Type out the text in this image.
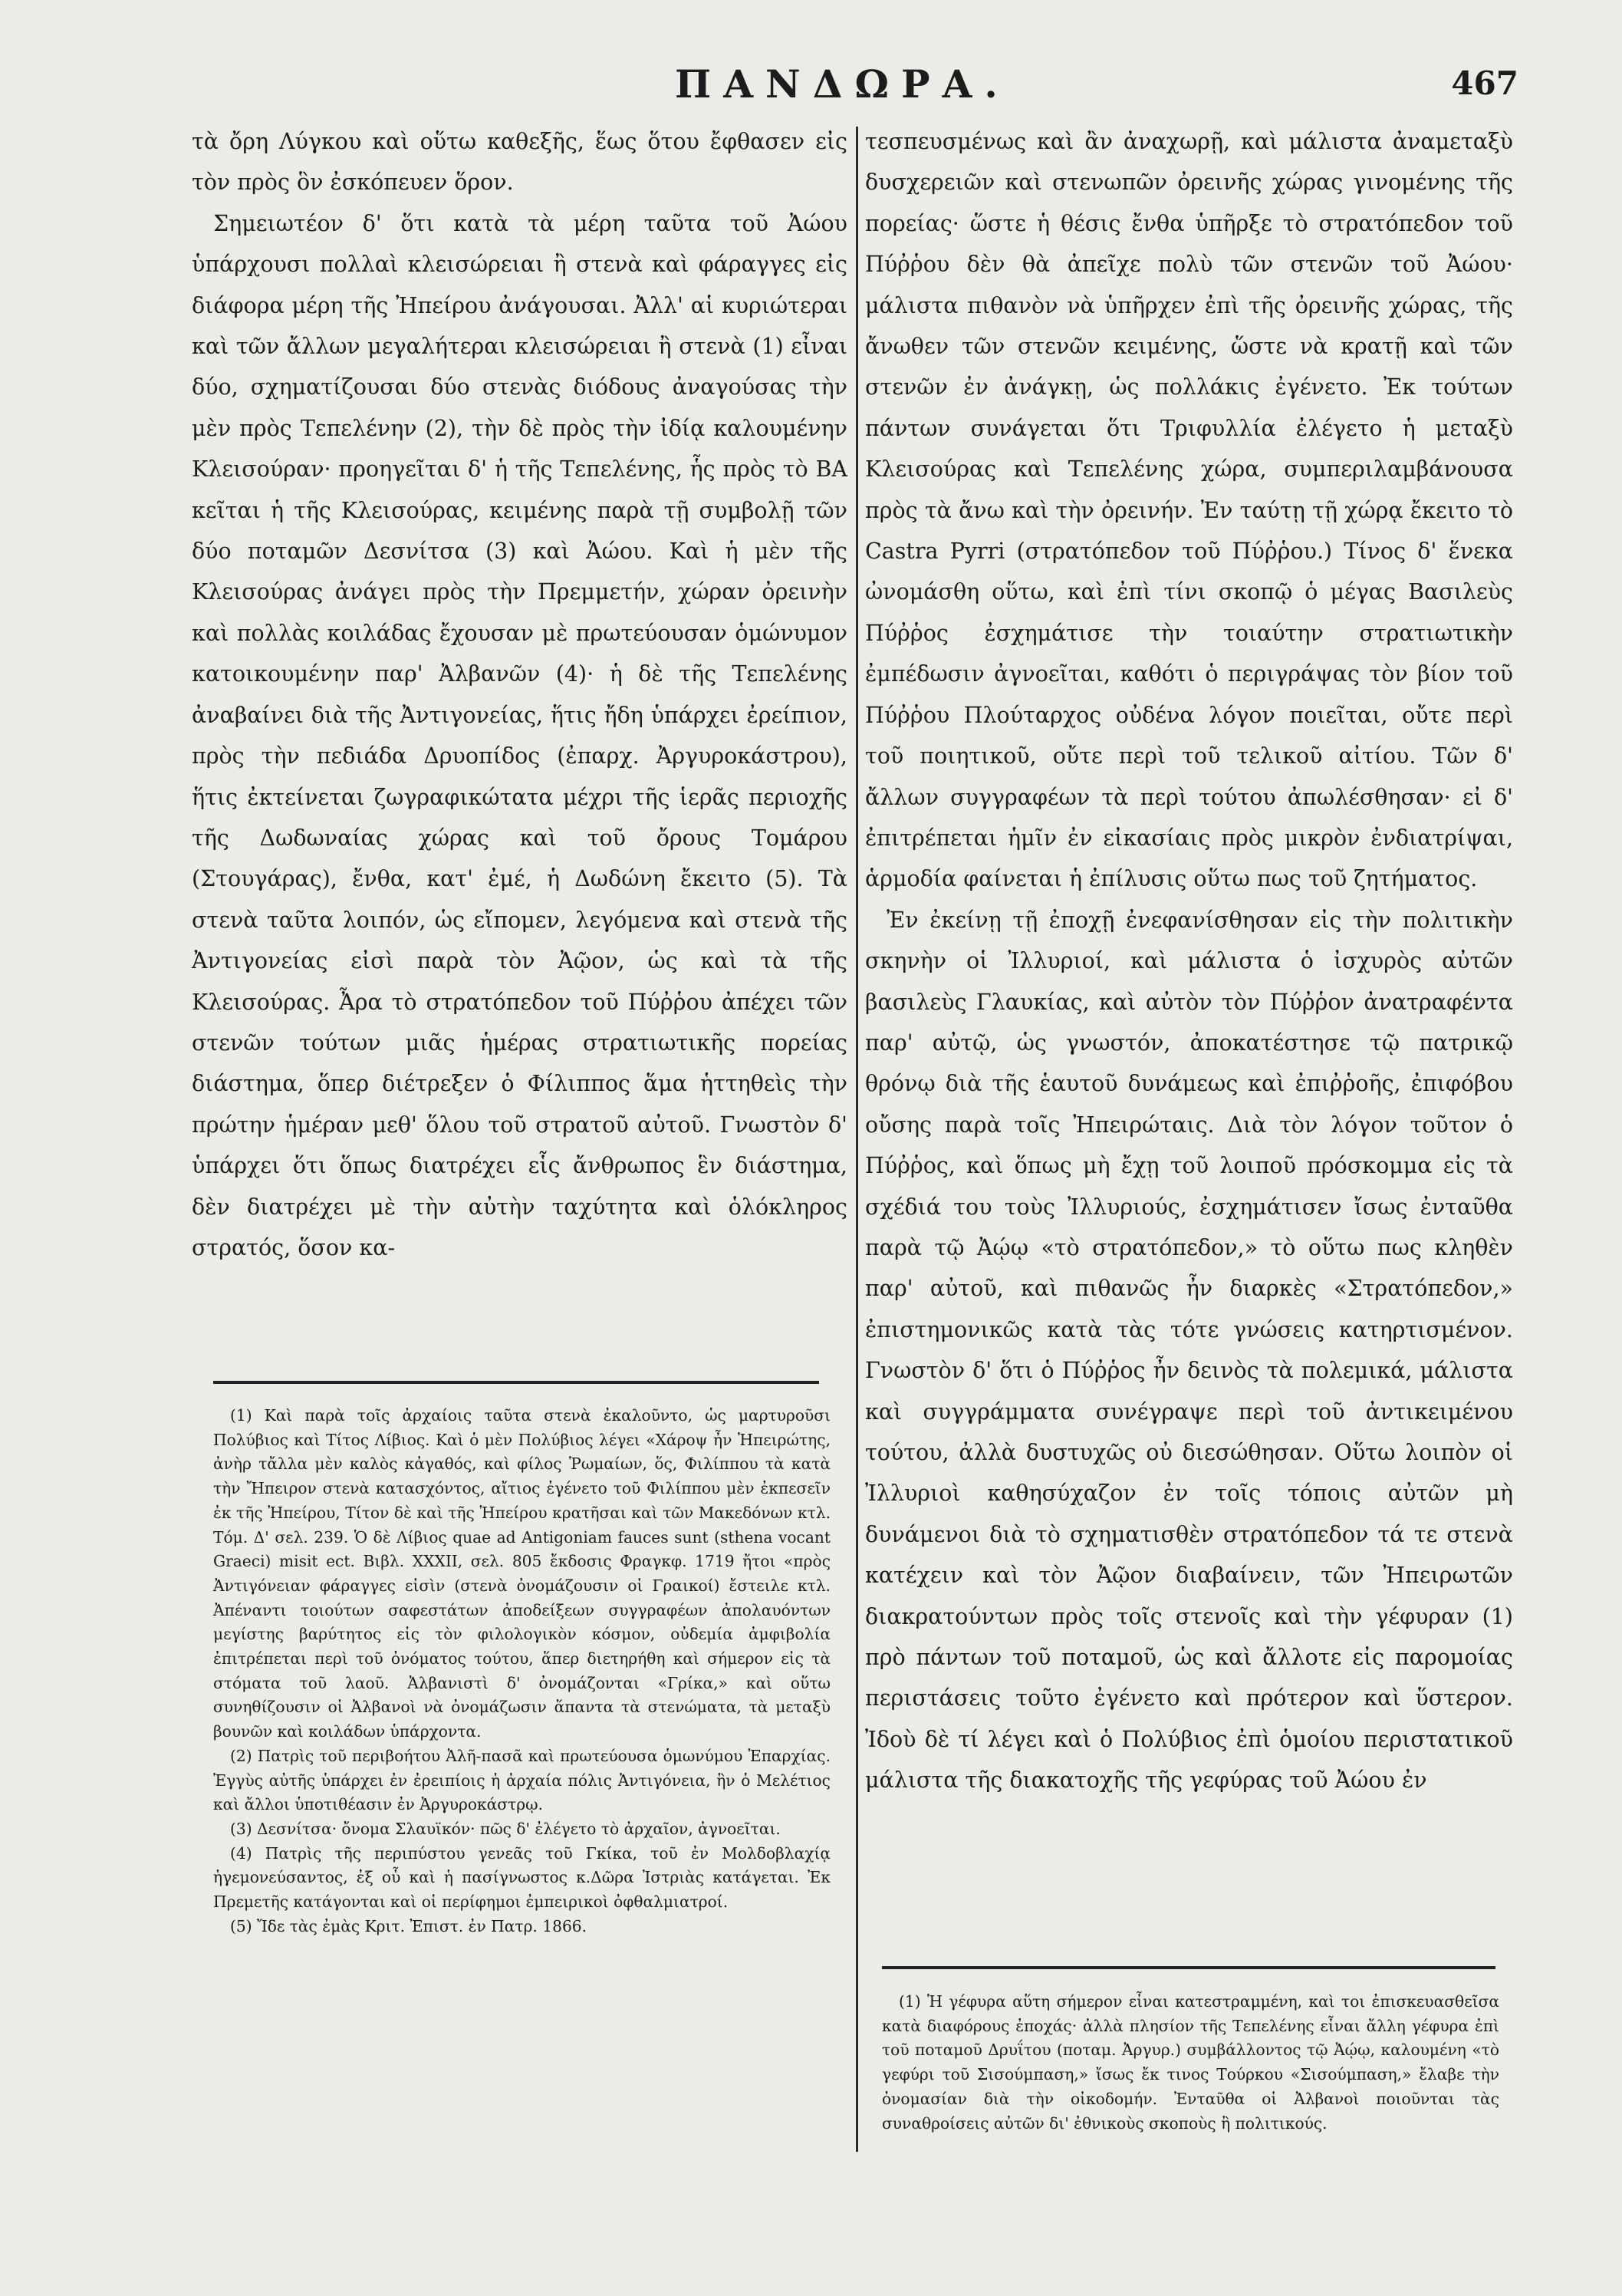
ΠΑΝΔΩΡΑ.	467

τὰ ὄρη Λύγκου καὶ οὕτω καθεξῆς, ἕως ὅτου ἔφθασεν εἰς τὸν πρὸς ὃν ἐσκόπευεν ὅρον.

Σημειωτέον δ' ὅτι κατὰ τὰ μέρη ταῦτα τοῦ Ἀώου ὑπάρχουσι πολλαὶ κλεισώρειαι ἢ στενὰ καὶ φάραγγες εἰς διάφορα μέρη τῆς Ἠπείρου ἀνάγουσαι. Ἀλλ' αἱ κυριώτεραι καὶ τῶν ἄλλων μεγαλήτεραι κλεισώρειαι ἢ στενὰ (1) εἶναι δύο, σχηματίζουσαι δύο στενὰς διόδους ἀναγούσας τὴν μὲν πρὸς Τεπελένην (2), τὴν δὲ πρὸς τὴν ἰδίᾳ καλουμένην Κλεισούραν· προηγεῖται δ' ἡ τῆς Τεπελένης, ἧς πρὸς τὸ ΒΑ κεῖται ἡ τῆς Κλεισούρας, κειμένης παρὰ τῇ συμβολῇ τῶν δύο ποταμῶν Δεσνίτσα (3) καὶ Ἀώου. Καὶ ἡ μὲν τῆς Κλεισούρας ἀνάγει πρὸς τὴν Πρεμμετήν, χώραν ὀρεινὴν καὶ πολλὰς κοιλάδας ἔχουσαν μὲ πρωτεύουσαν ὁμώνυμον κατοικουμένην παρ' Ἀλβανῶν (4)· ἡ δὲ τῆς Τεπελένης ἀναβαίνει διὰ τῆς Ἀντιγονείας, ἥτις ἤδη ὑπάρχει ἐρείπιον, πρὸς τὴν πεδιάδα Δρυοπίδος (ἐπαρχ. Ἀργυροκάστρου), ἥτις ἐκτείνεται ζωγραφικώτατα μέχρι τῆς ἱερᾶς περιοχῆς τῆς Δωδωναίας χώρας καὶ τοῦ ὄρους Τομάρου (Στουγάρας), ἔνθα, κατ' ἐμέ, ἡ Δωδώνη ἔκειτο (5). Τὰ στενὰ ταῦτα λοιπόν, ὡς εἴπομεν, λεγόμενα καὶ στενὰ τῆς Ἀντιγονείας εἰσὶ παρὰ τὸν Ἀῷον, ὡς καὶ τὰ τῆς Κλεισούρας. Ἆρα τὸ στρατόπεδον τοῦ Πύῤῥου ἀπέχει τῶν στενῶν τούτων μιᾶς ἡμέρας στρατιωτικῆς πορείας διάστημα, ὅπερ διέτρεξεν ὁ Φίλιππος ἅμα ἡττηθεὶς τὴν πρώτην ἡμέραν μεθ' ὅλου τοῦ στρατοῦ αὐτοῦ. Γνωστὸν δ' ὑπάρχει ὅτι ὅπως διατρέχει εἷς ἄνθρωπος ἓν διάστημα, δὲν διατρέχει μὲ τὴν αὐτὴν ταχύτητα καὶ ὁλόκληρος στρατός, ὅσον κα-

τεσπευσμένως καὶ ἂν ἀναχωρῇ, καὶ μάλιστα ἀναμεταξὺ δυσχερειῶν καὶ στενωπῶν ὀρεινῆς χώρας γινομένης τῆς πορείας· ὥστε ἡ θέσις ἔνθα ὑπῆρξε τὸ στρατόπεδον τοῦ Πύῤῥου δὲν θὰ ἀπεῖχε πολὺ τῶν στενῶν τοῦ Ἀώου· μάλιστα πιθανὸν νὰ ὑπῆρχεν ἐπὶ τῆς ὀρεινῆς χώρας, τῆς ἄνωθεν τῶν στενῶν κειμένης, ὥστε νὰ κρατῇ καὶ τῶν στενῶν ἐν ἀνάγκῃ, ὡς πολλάκις ἐγένετο. Ἐκ τούτων πάντων συνάγεται ὅτι Τριφυλλία ἐλέγετο ἡ μεταξὺ Κλεισούρας καὶ Τεπελένης χώρα, συμπεριλαμβάνουσα πρὸς τὰ ἄνω καὶ τὴν ὀρεινήν. Ἐν ταύτῃ τῇ χώρᾳ ἔκειτο τὸ Castra Pyrri (στρατόπεδον τοῦ Πύῤῥου.) Τίνος δ' ἕνεκα ὠνομάσθη οὕτω, καὶ ἐπὶ τίνι σκοπῷ ὁ μέγας Βασιλεὺς Πύῤῥος ἐσχημάτισε τὴν τοιαύτην στρατιωτικὴν ἐμπέδωσιν ἀγνοεῖται, καθότι ὁ περιγράψας τὸν βίον τοῦ Πύῤῥου Πλούταρχος οὐδένα λόγον ποιεῖται, οὔτε περὶ τοῦ ποιητικοῦ, οὔτε περὶ τοῦ τελικοῦ αἰτίου. Τῶν δ' ἄλλων συγγραφέων τὰ περὶ τούτου ἀπωλέσθησαν· εἰ δ' ἐπιτρέπεται ἡμῖν ἐν εἰκασίαις πρὸς μικρὸν ἐνδιατρίψαι, ἁρμοδία φαίνεται ἡ ἐπίλυσις οὕτω πως τοῦ ζητήματος.

Ἐν ἐκείνῃ τῇ ἐποχῇ ἐνεφανίσθησαν εἰς τὴν πολιτικὴν σκηνὴν οἱ Ἰλλυριοί, καὶ μάλιστα ὁ ἰσχυρὸς αὐτῶν βασιλεὺς Γλαυκίας, καὶ αὐτὸν τὸν Πύῤῥον ἀνατραφέντα παρ' αὐτῷ, ὡς γνωστόν, ἀποκατέστησε τῷ πατρικῷ θρόνῳ διὰ τῆς ἑαυτοῦ δυνάμεως καὶ ἐπιῤῥοῆς, ἐπιφόβου οὔσης παρὰ τοῖς Ἠπειρώταις. Διὰ τὸν λόγον τοῦτον ὁ Πύῤῥος, καὶ ὅπως μὴ ἔχῃ τοῦ λοιποῦ πρόσκομμα εἰς τὰ σχέδιά του τοὺς Ἰλλυριούς, ἐσχημάτισεν ἴσως ἐνταῦθα παρὰ τῷ Ἀῴῳ «τὸ στρατόπεδον,» τὸ οὕτω πως κληθὲν παρ' αὐτοῦ, καὶ πιθανῶς ἦν διαρκὲς «Στρατόπεδον,» ἐπιστημονικῶς κατὰ τὰς τότε γνώσεις κατηρτισμένον. Γνωστὸν δ' ὅτι ὁ Πύῤῥος ἦν δεινὸς τὰ πολεμικά, μάλιστα καὶ συγγράμματα συνέγραψε περὶ τοῦ ἀντικειμένου τούτου, ἀλλὰ δυστυχῶς οὐ διεσώθησαν. Οὕτω λοιπὸν οἱ Ἰλλυριοὶ καθησύχαζον ἐν τοῖς τόποις αὐτῶν μὴ δυνάμενοι διὰ τὸ σχηματισθὲν στρατόπεδον τά τε στενὰ κατέχειν καὶ τὸν Ἀῷον διαβαίνειν, τῶν Ἠπειρωτῶν διακρατούντων πρὸς τοῖς στενοῖς καὶ τὴν γέφυραν (1) πρὸ πάντων τοῦ ποταμοῦ, ὡς καὶ ἄλλοτε εἰς παρομοίας περιστάσεις τοῦτο ἐγένετο καὶ πρότερον καὶ ὕστερον. Ἰδοὺ δὲ τί λέγει καὶ ὁ Πολύβιος ἐπὶ ὁμοίου περιστατικοῦ μάλιστα τῆς διακατοχῆς τῆς γεφύρας τοῦ Ἀώου ἐν

(1) Καὶ παρὰ τοῖς ἀρχαίοις ταῦτα στενὰ ἐκαλοῦντο, ὡς μαρτυροῦσι Πολύβιος καὶ Τίτος Λίβιος. Καὶ ὁ μὲν Πολύβιος λέγει «Χάροψ ἦν Ἠπειρώτης, ἀνὴρ τἄλλα μὲν καλὸς κἀγαθός, καὶ φίλος Ῥωμαίων, ὅς, Φιλίππου τὰ κατὰ τὴν Ἤπειρον στενὰ κατασχόντος, αἴτιος ἐγένετο τοῦ Φιλίππου μὲν ἐκπεσεῖν ἐκ τῆς Ἠπείρου, Τίτον δὲ καὶ τῆς Ἠπείρου κρατῆσαι καὶ τῶν Μακεδόνων κτλ. Τόμ. Δ' σελ. 239. Ὁ δὲ Λίβιος quae ad Antigoniam fauces sunt (sthena vocant Graeci) misit ect. Βιβλ. XXXII, σελ. 805 ἔκδοσις Φραγκφ. 1719 ἤτοι «πρὸς Ἀντιγόνειαν φάραγγες εἰσὶν (στενὰ ὀνομάζουσιν οἱ Γραικοί) ἔστειλε κτλ. Ἀπέναντι τοιούτων σαφεστάτων ἀποδείξεων συγγραφέων ἀπολαυόντων μεγίστης βαρύτητος εἰς τὸν φιλολογικὸν κόσμον, οὐδεμία ἀμφιβολία ἐπιτρέπεται περὶ τοῦ ὀνόματος τούτου, ἅπερ διετηρήθη καὶ σήμερον εἰς τὰ στόματα τοῦ λαοῦ. Ἀλβανιστὶ δ' ὀνομάζονται «Γρίκα,» καὶ οὕτω συνηθίζουσιν οἱ Ἀλβανοὶ νὰ ὀνομάζωσιν ἅπαντα τὰ στενώματα, τὰ μεταξὺ βουνῶν καὶ κοιλάδων ὑπάρχοντα.

(2) Πατρὶς τοῦ περιβοήτου Ἀλῆ-πασᾶ καὶ πρωτεύουσα ὁμωνύμου Ἐπαρχίας. Ἐγγὺς αὐτῆς ὑπάρχει ἐν ἐρειπίοις ἡ ἀρχαία πόλις Ἀντιγόνεια, ἣν ὁ Μελέτιος καὶ ἄλλοι ὑποτιθέασιν ἐν Ἀργυροκάστρῳ.

(3) Δεσνίτσα· ὄνομα Σλαυϊκόν· πῶς δ' ἐλέγετο τὸ ἀρχαῖον, ἀγνοεῖται.

(4) Πατρὶς τῆς περιπύστου γενεᾶς τοῦ Γκίκα, τοῦ ἐν Μολδοβλαχίᾳ ἡγεμονεύσαντος, ἐξ οὗ καὶ ἡ πασίγνωστος κ.Δῶρα Ἰστριὰς κατάγεται. Ἐκ Πρεμετῆς κατάγονται καὶ οἱ περίφημοι ἐμπειρικοὶ ὀφθαλμιατροί.

(5) Ἴδε τὰς ἐμὰς Κριτ. Ἐπιστ. ἐν Πατρ. 1866.

(1) Ἡ γέφυρα αὕτη σήμερον εἶναι κατεστραμμένη, καὶ τοι ἐπισκευασθεῖσα κατὰ διαφόρους ἐποχάς· ἀλλὰ πλησίον τῆς Τεπελένης εἶναι ἄλλη γέφυρα ἐπὶ τοῦ ποταμοῦ Δρυΐτου (ποταμ. Ἀργυρ.) συμβάλλοντος τῷ Ἀῴῳ, καλουμένη «τὸ γεφύρι τοῦ Σισούμπαση,» ἴσως ἔκ τινος Τούρκου «Σισούμπαση,» ἔλαβε τὴν ὀνομασίαν διὰ τὴν οἰκοδομήν. Ἐνταῦθα οἱ Ἀλβανοὶ ποιοῦνται τὰς συναθροίσεις αὐτῶν δι' ἐθνικοὺς σκοποὺς ἢ πολιτικούς.
